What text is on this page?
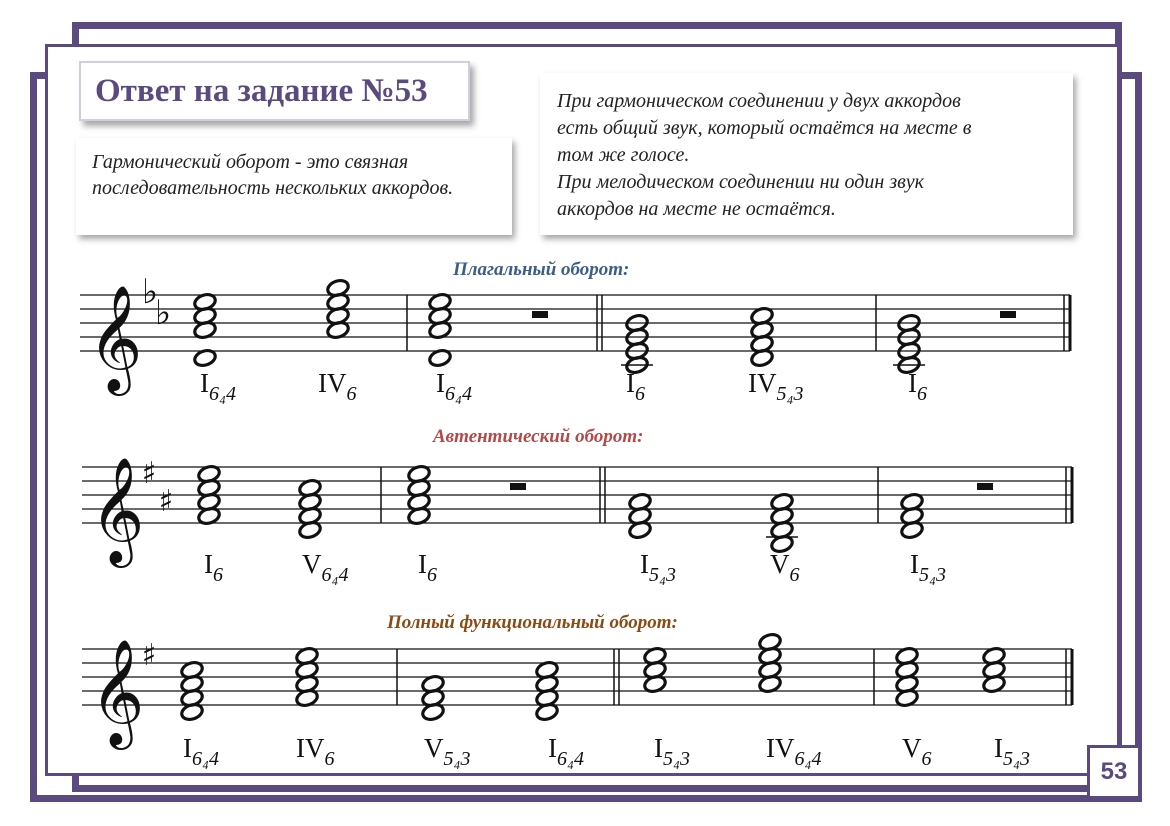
Ответ на задание №53
Гармонический оборот - это связная последовательность нескольких аккордов.
При гармоническом соединении у двух аккордов
есть общий звук, который остаётся на месте в
том же голосе.
При мелодическом соединении ни один звук
аккордов на месте не остаётся.
Плагальный оборот:
Автентический оборот:
Полный функциональный оборот:
𝄞 ♭
♭
𝄞
♯
♯
𝄞
♯
$I_{6_44}$	$IV_6$	$I_{6_44}$	$I_6$	$IV_{5_43}$	$I_6$
$I_6$	$V_{6_44}$	$I_6$	$I_{5_43}$	$V_6$	$I_{5_43}$
$I_{6_44}$	$IV_6$	$V_{5_43}$	$I_{6_44}$	$I_{5_43}$	$IV_{6_44}$	$V_6$ $I_{5_43}$	53
